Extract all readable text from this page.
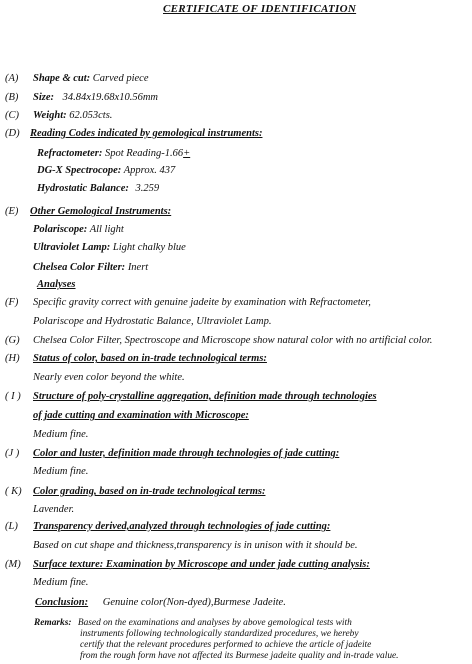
CERTIFICATE OF IDENTIFICATION
(A) Shape & cut: Carved piece
(B) Size: 34.84x19.68x10.56mm
(C) Weight: 62.053cts.
(D) Reading Codes indicated by gemological instruments:
Refractometer: Spot Reading-1.66+
DG-X Spectrocope: Approx. 437
Hydrostatic Balance: 3.259
(E) Other Gemological Instruments:
Polariscope: All light
Ultraviolet Lamp: Light chalky blue
Chelsea Color Filter: Inert
Analyses
(F) Specific gravity correct with genuine jadeite by examination with Refractometer,
Polariscope and Hydrostatic Balance, Ultraviolet Lamp.
(G) Chelsea Color Filter, Spectroscope and Microscope show natural color with no artificial color.
(H) Status of color, based on in-trade technological terms:
Nearly even color beyond the white.
( I ) Structure of poly-crystalline aggregation, definition made through technologies
of jade cutting and examination with Microscope:
Medium fine.
(J ) Color and luster, definition made through technologies of jade cutting:
Medium fine.
( K) Color grading, based on in-trade technological terms:
Lavender.
(L) Transparency derived,analyzed through technologies of jade cutting:
Based on cut shape and thickness,transparency is in unison with it should be.
(M) Surface texture: Examination by Microscope and under jade cutting analysis:
Medium fine.
Conclusion: Genuine color(Non-dyed),Burmese Jadeite.
Remarks: Based on the examinations and analyses by above gemological tests with
instruments following technologically standardized procedures, we hereby
certify that the relevant procedures performed to achieve the article of jadeite
from the rough form have not affected its Burmese jadeite quality and in-trade value.
